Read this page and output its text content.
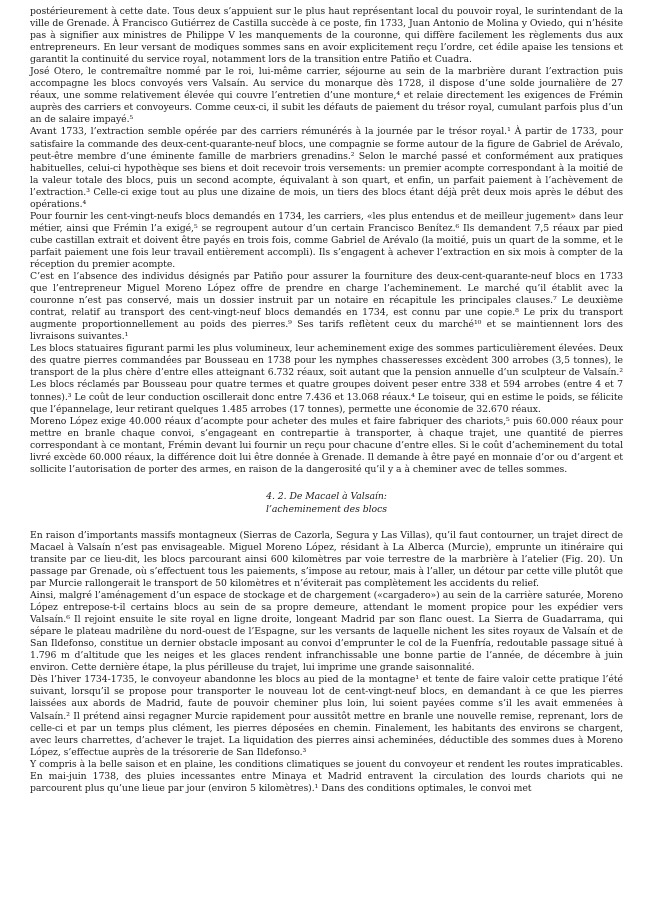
postérieurement à cette date. Tous deux s’appuient sur le plus haut représentant local du pouvoir royal, le surintendant de la ville de Grenade. À Francisco Gutiérrez de Castilla succède à ce poste, fin 1733, Juan Antonio de Molina y Oviedo, qui n’hésite pas à signifier aux ministres de Philippe V les manquements de la couronne, qui diffère facilement les règlements dus aux entrepreneurs. En leur versant de modiques sommes sans en avoir explicitement reçu l’ordre, cet édile apaise les tensions et garantit la continuité du service royal, notamment lors de la transition entre Patiño et Cuadra.

José Otero, le contremaître nommé par le roi, lui-même carrier, séjourne au sein de la marbrière durant l’extraction puis accompagne les blocs convoyés vers Valsaín. Au service du monarque dès 1728, il dispose d’une solde journalière de 27 réaux, une somme relativement élevée qui couvre l’entretien d’une monture,⁴ et relaie directement les exigences de Frémin auprès des carriers et convoyeurs. Comme ceux-ci, il subit les défauts de paiement du trésor royal, cumulant parfois plus d’un an de salaire impayé.⁵

Avant 1733, l’extraction semble opérée par des carriers rémunérés à la journée par le trésor royal.¹ À partir de 1733, pour satisfaire la commande des deux-cent-quarante-neuf blocs, une compagnie se forme autour de la figure de Gabriel de Arévalo, peut-être membre d’une éminente famille de marbriers grenadins.² Selon le marché passé et conformément aux pratiques habituelles, celui-ci hypothèque ses biens et doit recevoir trois versements: un premier acompte correspondant à la moitié de la valeur totale des blocs, puis un second acompte, équivalant à son quart, et enfin, un parfait paiement à l’achèvement de l’extraction.³ Celle-ci exige tout au plus une dizaine de mois, un tiers des blocs étant déjà prêt deux mois après le début des opérations.⁴

Pour fournir les cent-vingt-neufs blocs demandés en 1734, les carriers, «les plus entendus et de meilleur jugement» dans leur métier, ainsi que Frémin l’a exigé,⁵ se regroupent autour d’un certain Francisco Benítez.⁶ Ils demandent 7,5 réaux par pied cube castillan extrait et doivent être payés en trois fois, comme Gabriel de Arévalo (la moitié, puis un quart de la somme, et le parfait paiement une fois leur travail entièrement accompli). Ils s’engagent à achever l’extraction en six mois à compter de la réception du premier acompte.

C’est en l’absence des individus désignés par Patiño pour assurer la fourniture des deux-cent-quarante-neuf blocs en 1733 que l’entrepreneur Miguel Moreno López offre de prendre en charge l’acheminement. Le marché qu’il établit avec la couronne n’est pas conservé, mais un dossier instruit par un notaire en récapitule les principales clauses.⁷ Le deuxième contrat, relatif au transport des cent-vingt-neuf blocs demandés en 1734, est connu par une copie.⁸ Le prix du transport augmente proportionnellement au poids des pierres.⁹ Ses tarifs reflètent ceux du marché¹⁰ et se maintiennent lors des livraisons suivantes.¹

Les blocs statuaires figurant parmi les plus volumineux, leur acheminement exige des sommes particulièrement élevées. Deux des quatre pierres commandées par Bousseau en 1738 pour les nymphes chasseresses excèdent 300 arrobes (3,5 tonnes), le transport de la plus chère d’entre elles atteignant 6.732 réaux, soit autant que la pension annuelle d’un sculpteur de Valsaín.² Les blocs réclamés par Bousseau pour quatre termes et quatre groupes doivent peser entre 338 et 594 arrobes (entre 4 et 7 tonnes).³ Le coût de leur conduction oscillerait donc entre 7.436 et 13.068 réaux.⁴ Le toiseur, qui en estime le poids, se félicite que l’épannelage, leur retirant quelques 1.485 arrobes (17 tonnes), permette une économie de 32.670 réaux.

Moreno López exige 40.000 réaux d’acompte pour acheter des mules et faire fabriquer des chariots,⁵ puis 60.000 réaux pour mettre en branle chaque convoi, s’engageant en contrepartie à transporter, à chaque trajet, une quantité de pierres correspondant à ce montant, Frémin devant lui fournir un reçu pour chacune d’entre elles. Si le coût d’acheminement du total livré excède 60.000 réaux, la différence doit lui être donnée à Grenade. Il demande à être payé en monnaie d’or ou d’argent et sollicite l’autorisation de porter des armes, en raison de la dangerosité qu’il y a à cheminer avec de telles sommes.

4. 2. De Macael à Valsaín:
l’acheminement des blocs

En raison d’importants massifs montagneux (Sierras de Cazorla, Segura y Las Villas), qu’il faut contourner, un trajet direct de Macael à Valsaín n’est pas envisageable. Miguel Moreno López, résidant à La Alberca (Murcie), emprunte un itinéraire qui transite par ce lieu-dit, les blocs parcourant ainsi 600 kilomètres par voie terrestre de la marbrière à l’atelier (Fig. 20). Un passage par Grenade, où s’effectuent tous les paiements, s’impose au retour, mais à l’aller, un détour par cette ville plutôt que par Murcie rallongerait le transport de 50 kilomètres et n’éviterait pas complètement les accidents du relief.

Ainsi, malgré l’aménagement d’un espace de stockage et de chargement («cargadero») au sein de la carrière saturée, Moreno López entrepose-t-il certains blocs au sein de sa propre demeure, attendant le moment propice pour les expédier vers Valsaín.⁶ Il rejoint ensuite le site royal en ligne droite, longeant Madrid par son flanc ouest. La Sierra de Guadarrama, qui sépare le plateau madrilène du nord-ouest de l’Espagne, sur les versants de laquelle nichent les sites royaux de Valsaín et de San Ildefonso, constitue un dernier obstacle imposant au convoi d’emprunter le col de la Fuenfría, redoutable passage situé à 1.796 m d’altitude que les neiges et les glaces rendent infranchissable une bonne partie de l’année, de décembre à juin environ. Cette dernière étape, la plus périlleuse du trajet, lui imprime une grande saisonnalité.

Dès l’hiver 1734-1735, le convoyeur abandonne les blocs au pied de la montagne¹ et tente de faire valoir cette pratique l’été suivant, lorsqu’il se propose pour transporter le nouveau lot de cent-vingt-neuf blocs, en demandant à ce que les pierres laissées aux abords de Madrid, faute de pouvoir cheminer plus loin, lui soient payées comme s’il les avait emmenées à Valsaín.² Il prétend ainsi regagner Murcie rapidement pour aussitôt mettre en branle une nouvelle remise, reprenant, lors de celle-ci et par un temps plus clément, les pierres déposées en chemin. Finalement, les habitants des environs se chargent, avec leurs charrettes, d’achever le trajet. La liquidation des pierres ainsi acheminées, déductible des sommes dues à Moreno López, s’effectue auprès de la trésorerie de San Ildefonso.³

Y compris à la belle saison et en plaine, les conditions climatiques se jouent du convoyeur et rendent les routes impraticables. En mai-juin 1738, des pluies incessantes entre Minaya et Madrid entravent la circulation des lourds chariots qui ne parcourent plus qu’une lieue par jour (environ 5 kilomètres).¹ Dans des conditions optimales, le convoi met
